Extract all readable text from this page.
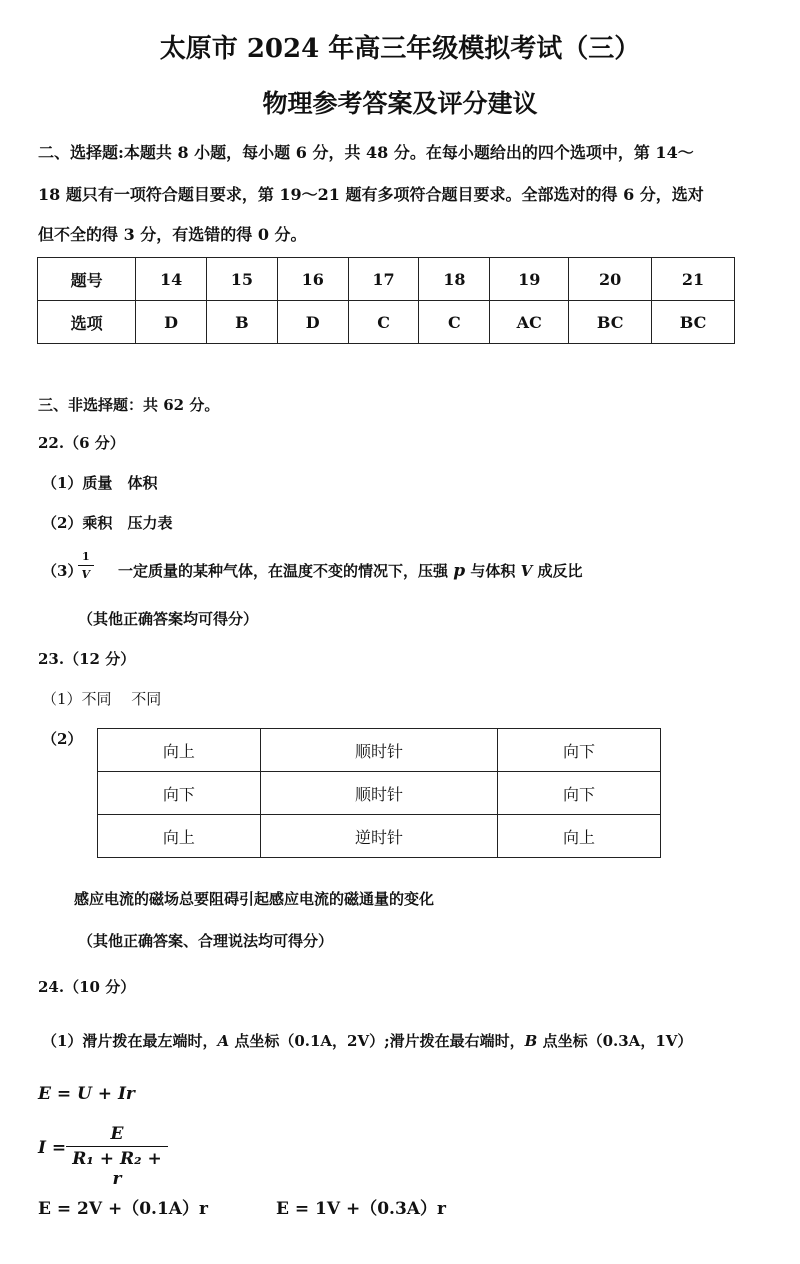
太原市 2024 年高三年级模拟考试（三）
物理参考答案及评分建议
二、选择题:本题共 8 小题，每小题 6 分，共 48 分。在每小题给出的四个选项中，第 14～
18 题只有一项符合题目要求，第 19～21 题有多项符合题目要求。全部选对的得 6 分，选对
但不全的得 3 分，有选错的得 0 分。
题号	14	15	16	17	18	19	20	21
选项	D	B	D	C	C	AC	BC	BC
三、非选择题：共 62 分。
22.（6 分）
（1）质量　体积
（2）乘积　压力表
（3）
$\frac{1}{V}$ 一定质量的某种气体，在温度不变的情况下，压强 p 与体积 V 成反比
（其他正确答案均可得分）
23.（12 分）
（1）不同　 不同
（2）
向上	顺时针	向下
向下	顺时针	向下
向上	逆时针	向上
感应电流的磁场总要阻碍引起感应电流的磁通量的变化
（其他正确答案、合理说法均可得分）
24.（10 分）
（1）滑片拨在最左端时，A 点坐标（0.1A，2V）;滑片拨在最右端时，B 点坐标（0.3A，1V）
E = U + Ir
$I = \frac{E}{\text{R₁ + R₂ + r}}$
E = 2V +（0.1A）r	E = 1V +（0.3A）r
